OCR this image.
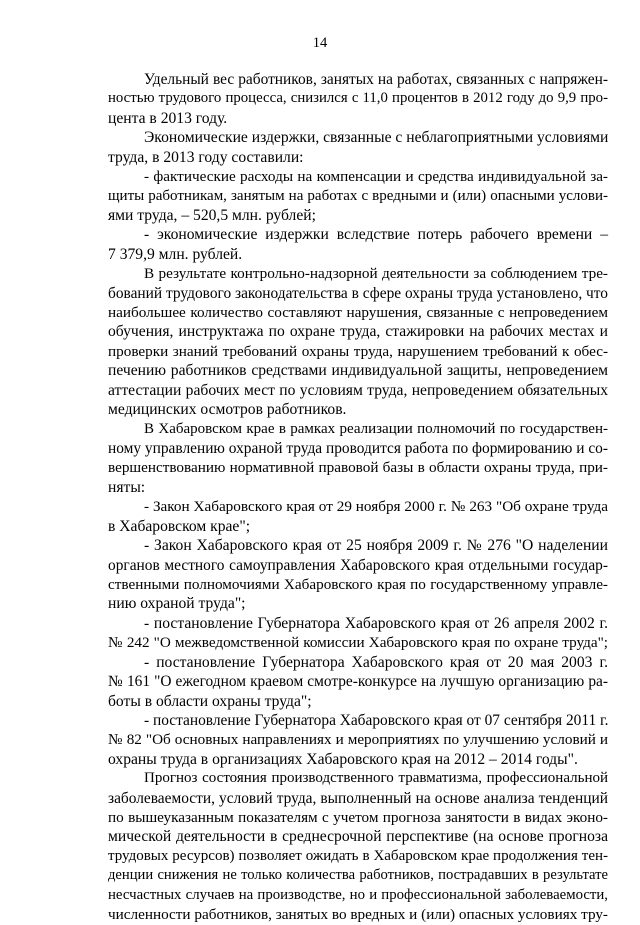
14
Удельный вес работников, занятых на работах, связанных с напряжен-
ностью трудового процесса, снизился с 11,0 процентов в 2012 году до 9,9 про-
цента в 2013 году.
Экономические издержки, связанные с неблагоприятными условиями
труда, в 2013 году составили:
- фактические расходы на компенсации и средства индивидуальной за-
щиты работникам, занятым на работах с вредными и (или) опасными услови-
ями труда, – 520,5 млн. рублей;
- экономические издержки вследствие потерь рабочего времени –
7 379,9 млн. рублей.
В результате контрольно-надзорной деятельности за соблюдением тре-
бований трудового законодательства в сфере охраны труда установлено, что
наибольшее количество составляют нарушения, связанные с непроведением
обучения, инструктажа по охране труда, стажировки на рабочих местах и
проверки знаний требований охраны труда, нарушением требований к обес-
печению работников средствами индивидуальной защиты, непроведением
аттестации рабочих мест по условиям труда, непроведением обязательных
медицинских осмотров работников.
В Хабаровском крае в рамках реализации полномочий по государствен-
ному управлению охраной труда проводится работа по формированию и со-
вершенствованию нормативной правовой базы в области охраны труда, при-
няты:
- Закон Хабаровского края от 29 ноября 2000 г. № 263 "Об охране труда
в Хабаровском крае";
- Закон Хабаровского края от 25 ноября 2009 г. № 276 "О наделении
органов местного самоуправления Хабаровского края отдельными государ-
ственными полномочиями Хабаровского края по государственному управле-
нию охраной труда";
- постановление Губернатора Хабаровского края от 26 апреля 2002 г.
№ 242 "О межведомственной комиссии Хабаровского края по охране труда";
- постановление Губернатора Хабаровского края от 20 мая 2003 г.
№ 161 "О ежегодном краевом смотре-конкурсе на лучшую организацию ра-
боты в области охраны труда";
- постановление Губернатора Хабаровского края от 07 сентября 2011 г.
№ 82 "Об основных направлениях и мероприятиях по улучшению условий и
охраны труда в организациях Хабаровского края на 2012 – 2014 годы".
Прогноз состояния производственного травматизма, профессиональной
заболеваемости, условий труда, выполненный на основе анализа тенденций
по вышеуказанным показателям с учетом прогноза занятости в видах эконо-
мической деятельности в среднесрочной перспективе (на основе прогноза
трудовых ресурсов) позволяет ожидать в Хабаровском крае продолжения тен-
денции снижения не только количества работников, пострадавших в результате
несчастных случаев на производстве, но и профессиональной заболеваемости,
численности работников, занятых во вредных и (или) опасных условиях тру-
